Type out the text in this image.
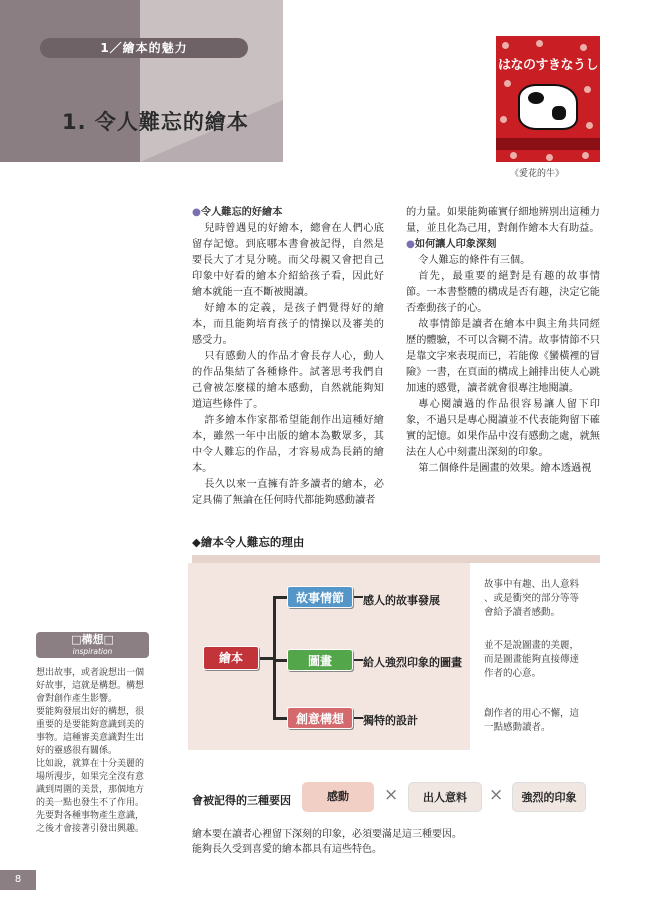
1／繪本的魅力
1. 令人難忘的繪本
はなのすきなうし
《愛花的牛》
●令人難忘的好繪本

兒時曾遇見的好繪本，總會在人們心底留存記憶。到底哪本書會被記得，自然是要長大了才見分曉。而父母親又會把自己印象中好看的繪本介紹給孩子看，因此好繪本就能一直不斷被閱讀。

好繪本的定義，是孩子們覺得好的繪本，而且能夠培育孩子的情操以及審美的感受力。

只有感動人的作品才會長存人心，動人的作品集結了各種條件。試著思考我們自己會被怎麼樣的繪本感動，自然就能夠知道這些條件了。

許多繪本作家都希望能創作出這種好繪本，雖然一年中出版的繪本為數眾多，其中令人難忘的作品，才容易成為長銷的繪本。

長久以來一直擁有許多讀者的繪本，必定具備了無論在任何時代都能夠感動讀者

的力量。如果能夠確實仔細地辨別出這種力量，並且化為己用，對創作繪本大有助益。

●如何讓人印象深刻

令人難忘的條件有三個。

首先，最重要的絕對是有趣的故事情節。一本書整體的構成是否有趣，決定它能否牽動孩子的心。

故事情節是讀者在繪本中與主角共同經歷的體驗，不可以含糊不清。故事情節不只是靠文字來表現而已，若能像《蠻橫裡的冒險》一書，在頁面的構成上鋪排出使人心跳加速的感覺，讀者就會很專注地閱讀。

專心閱讀過的作品很容易讓人留下印象，不過只是專心閱讀並不代表能夠留下確實的記憶。如果作品中沒有感動之處，就無法在人心中刻畫出深刻的印象。

第二個條件是圖畫的效果。繪本透過視

◆繪本令人難忘的理由
繪本
故事情節
圖畫
創意構想
感人的故事發展
給人強烈印象的圖畫
獨特的設計
故事中有趣、出人意料
、或是衝突的部分等等
會給予讀者感動。
並不是說圖畫的美麗，
而是圖畫能夠直接傳達
作者的心意。
創作者的用心不懈，這
一點感動讀者。
會被記得的三種要因	感動	×	出人意料	×	強烈的印象
繪本要在讀者心裡留下深刻的印象，必須要滿足這三種要因。
能夠長久受到喜愛的繪本都具有這些特色。
□構想□
inspiration
想出故事，或者說想出一個
好故事，這就是構想。構想
會對創作產生影響。
要能夠發展出好的構想，很
重要的是要能夠意識到美的
事物。這種審美意識對生出
好的靈感很有關係。
比如說，就算在十分美麗的
場所漫步，如果完全沒有意
識到周圍的美景，那個地方
的美一點也發生不了作用。
先要對各種事物產生意識，
之後才會接著引發出興趣。
8
